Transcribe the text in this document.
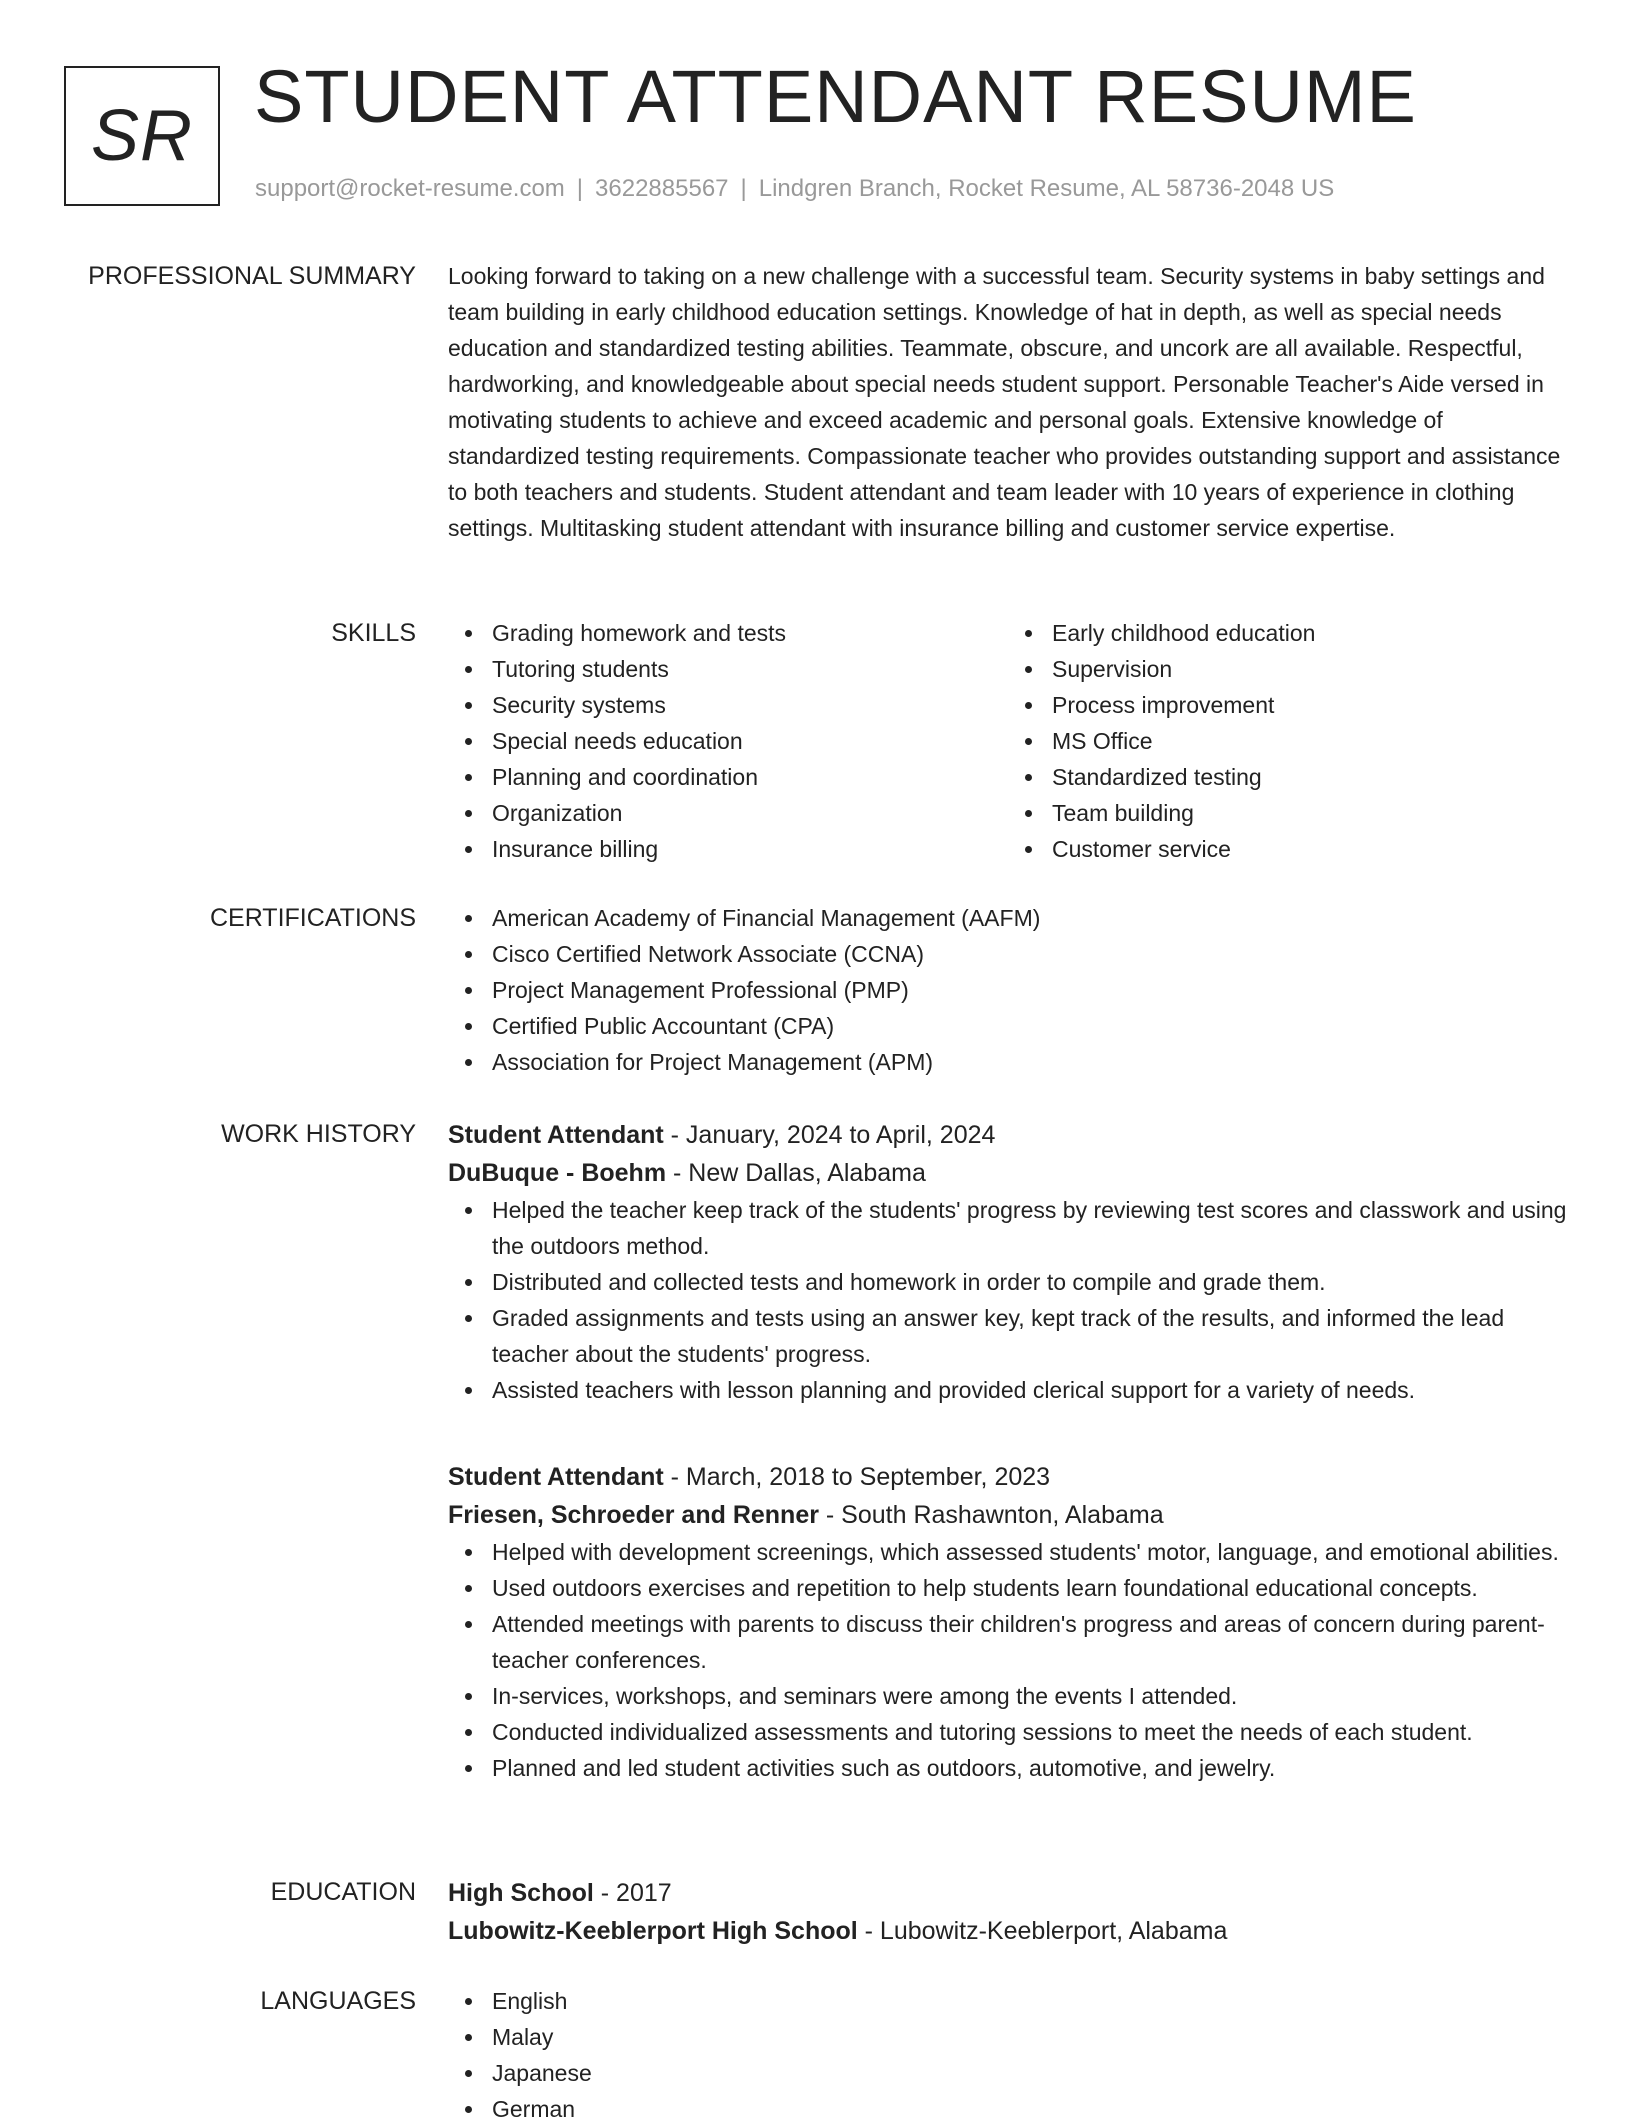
SR STUDENT ATTENDANT RESUME
support@rocket-resume.com | 3622885567 | Lindgren Branch, Rocket Resume, AL 58736-2048 US
PROFESSIONAL SUMMARY Looking forward to taking on a new challenge with a successful team. Security systems in baby settings and team building in early childhood education settings. Knowledge of hat in depth, as well as special needs education and standardized testing abilities. Teammate, obscure, and uncork are all available. Respectful, hardworking, and knowledgeable about special needs student support. Personable Teacher's Aide versed in motivating students to achieve and exceed academic and personal goals. Extensive knowledge of standardized testing requirements. Compassionate teacher who provides outstanding support and assistance to both teachers and students. Student attendant and team leader with 10 years of experience in clothing settings. Multitasking student attendant with insurance billing and customer service expertise.

SKILLS	Grading homework and tests
Tutoring students
Security systems
Special needs education
Planning and coordination
Organization
Insurance billing
Early childhood education
Supervision
Process improvement
MS Office
Standardized testing
Team building
Customer service
CERTIFICATIONS	American Academy of Financial Management (AAFM)
Cisco Certified Network Associate (CCNA)
Project Management Professional (PMP)
Certified Public Accountant (CPA)
Association for Project Management (APM)
WORK HISTORY Student Attendant - January, 2024 to April, 2024
DuBuque - Boehm - New Dallas, Alabama
Helped the teacher keep track of the students' progress by reviewing test scores and classwork and using the outdoors method.
Distributed and collected tests and homework in order to compile and grade them.
Graded assignments and tests using an answer key, kept track of the results, and informed the lead teacher about the students' progress.
Assisted teachers with lesson planning and provided clerical support for a variety of needs.
Student Attendant - March, 2018 to September, 2023
Friesen, Schroeder and Renner - South Rashawnton, Alabama
Helped with development screenings, which assessed students' motor, language, and emotional abilities.
Used outdoors exercises and repetition to help students learn foundational educational concepts.
Attended meetings with parents to discuss their children's progress and areas of concern during parent-teacher conferences.
In-services, workshops, and seminars were among the events I attended.
Conducted individualized assessments and tutoring sessions to meet the needs of each student.
Planned and led student activities such as outdoors, automotive, and jewelry.
EDUCATION High School - 2017
Lubowitz-Keeblerport High School - Lubowitz-Keeblerport, Alabama
LANGUAGES	English
Malay
Japanese
German
